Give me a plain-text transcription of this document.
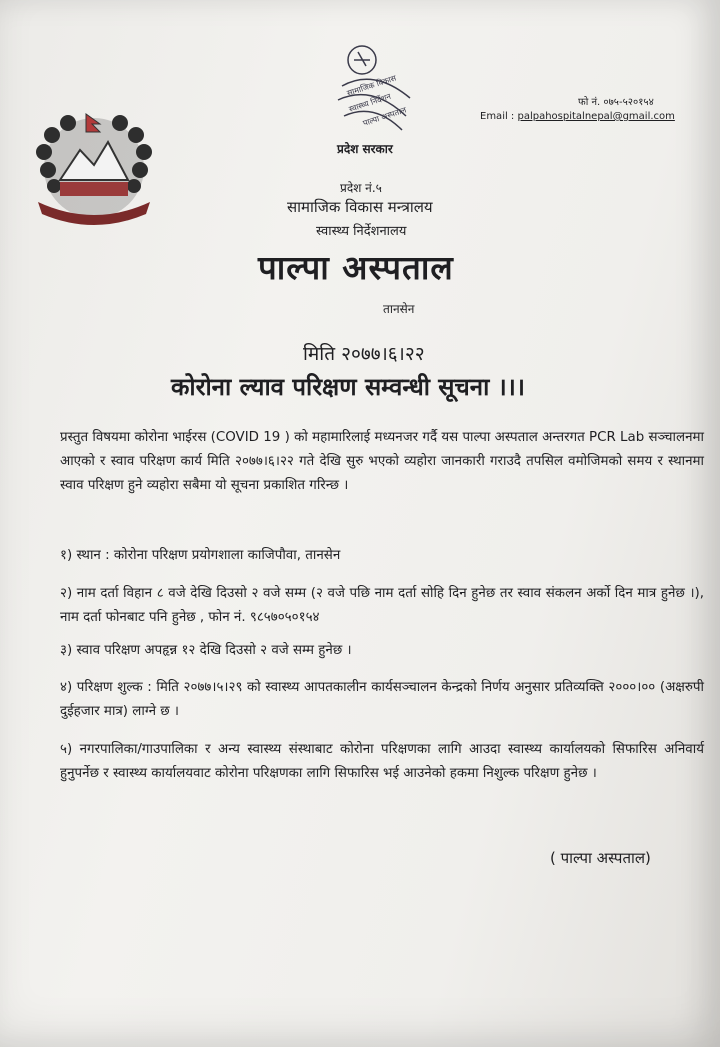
सामाजिक विकास
स्वास्थ्य निर्देशन
पाल्पा अस्पताल
फो नं. ०७५-५२०१५४
Email : palpahospitalnepal@gmail.com
प्रदेश सरकार
प्रदेश नं.५
सामाजिक विकास मन्त्रालय
स्वास्थ्य निर्देशनालय
पाल्पा अस्पताल
तानसेन
मिति २०७७।६।२२
कोरोना ल्याव परिक्षण सम्वन्धी सूचना ।।।
प्रस्तुत विषयमा कोरोना भाईरस (COVID 19 ) को महामारिलाई मध्यनजर गर्दै यस पाल्पा अस्पताल अन्तरगत PCR Lab सञ्चालनमा आएको र स्वाव परिक्षण कार्य मिति २०७७।६।२२ गते देखि सुरु भएको व्यहोरा जानकारी गराउदै तपसिल वमोजिमको समय र स्थानमा स्वाव परिक्षण हुने व्यहोरा सबैमा यो सूचना प्रकाशित गरिन्छ ।
१) स्थान : कोरोना परिक्षण प्रयोगशाला काजिपौवा, तानसेन
२) नाम दर्ता विहान ८ वजे देखि दिउसो २ वजे सम्म (२ वजे पछि नाम दर्ता सोहि दिन हुनेछ तर स्वाव संकलन अर्को दिन मात्र हुनेछ ।), नाम दर्ता फोनबाट पनि हुनेछ , फोन नं. ९८५७०५०१५४
३) स्वाव परिक्षण अपहृन्न १२ देखि दिउसो २ वजे सम्म हुनेछ ।
४) परिक्षण शुल्क : मिति २०७७।५।२९ को स्वास्थ्य आपतकालीन कार्यसञ्चालन केन्द्रको निर्णय अनुसार प्रतिव्यक्ति २०००।०० (अक्षरुपी दुईहजार मात्र) लाग्ने छ ।
५) नगरपालिका/गाउपालिका र अन्य स्वास्थ्य संस्थाबाट कोरोना परिक्षणका लागि आउदा स्वास्थ्य कार्यालयको सिफारिस अनिवार्य हुनुपर्नेछ र स्वास्थ्य कार्यालयवाट कोरोना परिक्षणका लागि सिफारिस भई आउनेको हकमा निशुल्क परिक्षण हुनेछ ।
( पाल्पा अस्पताल)
